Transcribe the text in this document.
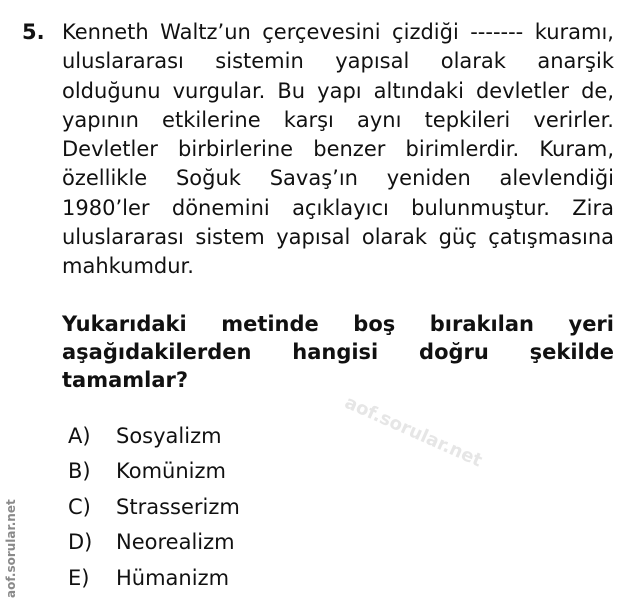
5. Kenneth Waltz’un çerçevesini çizdiği ------- kuramı, uluslararası sistemin yapısal olarak anarşik olduğunu vurgular. Bu yapı altındaki devletler de, yapının etkilerine karşı aynı tepkileri verirler. Devletler birbirlerine benzer birimlerdir. Kuram, özellikle Soğuk Savaş’ın yeniden alevlendiği 1980’ler dönemini açıklayıcı bulunmuştur. Zira uluslararası sistem yapısal olarak güç çatışmasına mahkumdur.
Yukarıdaki metinde boş bırakılan yeri aşağıdakilerden hangisi doğru şekilde tamamlar?
A)	Sosyalizm
B)	Komünizm
C)	Strasserizm
D)	Neorealizm
E)	Hümanizm
aof.sorular.net
aof.sorular.net
